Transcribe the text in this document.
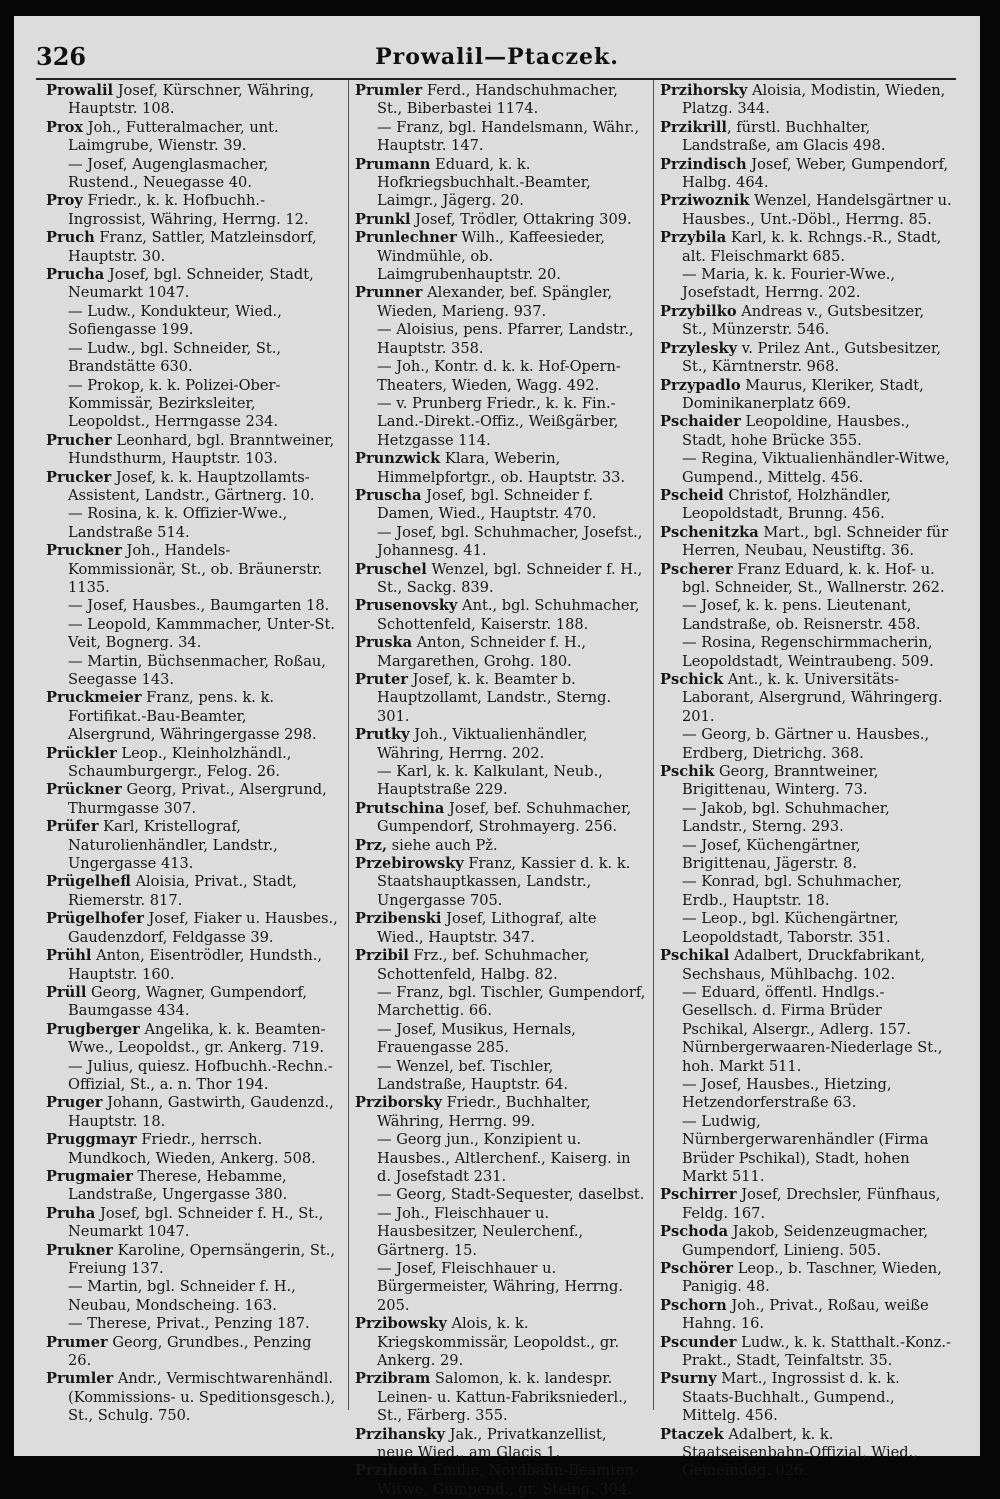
326	Prowalil—Ptaczek.
Prowalil Josef, Kürschner, Währing, Hauptstr. 108.
Prox Joh., Futteralmacher, unt. Laimgrube, Wienstr. 39.
— Josef, Augenglasmacher, Rustend., Neuegasse 40.
Proy Friedr., k. k. Hofbuchh.-Ingrossist, Währing, Herrng. 12.
Pruch Franz, Sattler, Matzleinsdorf, Hauptstr. 30.
Prucha Josef, bgl. Schneider, Stadt, Neumarkt 1047.
— Ludw., Kondukteur, Wied., Sofiengasse 199.
— Ludw., bgl. Schneider, St., Brandstätte 630.
— Prokop, k. k. Polizei-Ober-Kommissär, Bezirksleiter, Leopoldst., Herrngasse 234.
Prucher Leonhard, bgl. Branntweiner, Hundsthurm, Hauptstr. 103.
Prucker Josef, k. k. Hauptzollamts-Assistent, Landstr., Gärtnerg. 10.
— Rosina, k. k. Offizier-Wwe., Landstraße 514.
Pruckner Joh., Handels-Kommissionär, St., ob. Bräunerstr. 1135.
— Josef, Hausbes., Baumgarten 18.
— Leopold, Kammmacher, Unter-St. Veit, Bognerg. 34.
— Martin, Büchsenmacher, Roßau, Seegasse 143.
Pruckmeier Franz, pens. k. k. Fortifikat.-Bau-Beamter, Alsergrund, Währingergasse 298.
Prückler Leop., Kleinholzhändl., Schaumburgergr., Felog. 26.
Prückner Georg, Privat., Alsergrund, Thurmgasse 307.
Prüfer Karl, Kristellograf, Naturolienhändler, Landstr., Ungergasse 413.
Prügelhefl Aloisia, Privat., Stadt, Riemerstr. 817.
Prügelhofer Josef, Fiaker u. Hausbes., Gaudenzdorf, Feldgasse 39.
Prühl Anton, Eisentrödler, Hundsth., Hauptstr. 160.
Prüll Georg, Wagner, Gumpendorf, Baumgasse 434.
Prugberger Angelika, k. k. Beamten-Wwe., Leopoldst., gr. Ankerg. 719.
— Julius, quiesz. Hofbuchh.-Rechn.-Offizial, St., a. n. Thor 194.
Pruger Johann, Gastwirth, Gaudenzd., Hauptstr. 18.
Pruggmayr Friedr., herrsch. Mundkoch, Wieden, Ankerg. 508.
Prugmaier Therese, Hebamme, Landstraße, Ungergasse 380.
Pruha Josef, bgl. Schneider f. H., St., Neumarkt 1047.
Prukner Karoline, Opernsängerin, St., Freiung 137.
— Martin, bgl. Schneider f. H., Neubau, Mondscheing. 163.
— Therese, Privat., Penzing 187.
Prumer Georg, Grundbes., Penzing 26.
Prumler Andr., Vermischtwarenhändl. (Kommissions- u. Speditionsgesch.), St., Schulg. 750.
Prumler Ferd., Handschuhmacher, St., Biberbastei 1174.
— Franz, bgl. Handelsmann, Währ., Hauptstr. 147.
Prumann Eduard, k. k. Hofkriegsbuchhalt.-Beamter, Laimgr., Jägerg. 20.
Prunkl Josef, Trödler, Ottakring 309.
Prunlechner Wilh., Kaffeesieder, Windmühle, ob. Laimgrubenhauptstr. 20.
Prunner Alexander, bef. Spängler, Wieden, Marieng. 937.
— Aloisius, pens. Pfarrer, Landstr., Hauptstr. 358.
— Joh., Kontr. d. k. k. Hof-Opern-Theaters, Wieden, Wagg. 492.
— v. Prunberg Friedr., k. k. Fin.-Land.-Direkt.-Offiz., Weißgärber, Hetzgasse 114.
Prunzwick Klara, Weberin, Himmelpfortgr., ob. Hauptstr. 33.
Pruscha Josef, bgl. Schneider f. Damen, Wied., Hauptstr. 470.
— Josef, bgl. Schuhmacher, Josefst., Johannesg. 41.
Pruschel Wenzel, bgl. Schneider f. H., St., Sackg. 839.
Prusenovsky Ant., bgl. Schuhmacher, Schottenfeld, Kaiserstr. 188.
Pruska Anton, Schneider f. H., Margarethen, Grohg. 180.
Pruter Josef, k. k. Beamter b. Hauptzollamt, Landstr., Sterng. 301.
Prutky Joh., Viktualienhändler, Währing, Herrng. 202.
— Karl, k. k. Kalkulant, Neub., Hauptstraße 229.
Prutschina Josef, bef. Schuhmacher, Gumpendorf, Strohmayerg. 256.
Prz, siehe auch Pž.
Przebirowsky Franz, Kassier d. k. k. Staatshauptkassen, Landstr., Ungergasse 705.
Przibenski Josef, Lithograf, alte Wied., Hauptstr. 347.
Przibil Frz., bef. Schuhmacher, Schottenfeld, Halbg. 82.
— Franz, bgl. Tischler, Gumpendorf, Marchettig. 66.
— Josef, Musikus, Hernals, Frauengasse 285.
— Wenzel, bef. Tischler, Landstraße, Hauptstr. 64.
Prziborsky Friedr., Buchhalter, Währing, Herrng. 99.
— Georg jun., Konzipient u. Hausbes., Altlerchenf., Kaiserg. in d. Josefstadt 231.
— Georg, Stadt-Sequester, daselbst.
— Joh., Fleischhauer u. Hausbesitzer, Neulerchenf., Gärtnerg. 15.
— Josef, Fleischhauer u. Bürgermeister, Währing, Herrng. 205.
Przibowsky Alois, k. k. Kriegskommissär, Leopoldst., gr. Ankerg. 29.
Przibram Salomon, k. k. landespr. Leinen- u. Kattun-Fabriksniederl., St., Färberg. 355.
Przihansky Jak., Privatkanzellist, neue Wied., am Glacis 1.
Przihoda Emilie, Nordbahn-Beamten-Witwe, Gumpend., gr. Steing. 304.
Przihorsky Aloisia, Modistin, Wieden, Platzg. 344.
Przikrill, fürstl. Buchhalter, Landstraße, am Glacis 498.
Przindisch Josef, Weber, Gumpendorf, Halbg. 464.
Prziwoznik Wenzel, Handelsgärtner u. Hausbes., Unt.-Döbl., Herrng. 85.
Przybila Karl, k. k. Rchngs.-R., Stadt, alt. Fleischmarkt 685.
— Maria, k. k. Fourier-Wwe., Josefstadt, Herrng. 202.
Przybilko Andreas v., Gutsbesitzer, St., Münzerstr. 546.
Przylesky v. Prilez Ant., Gutsbesitzer, St., Kärntnerstr. 968.
Przypadlo Maurus, Kleriker, Stadt, Dominikanerplatz 669.
Pschaider Leopoldine, Hausbes., Stadt, hohe Brücke 355.
— Regina, Viktualienhändler-Witwe, Gumpend., Mittelg. 456.
Pscheid Christof, Holzhändler, Leopoldstadt, Brunng. 456.
Pschenitzka Mart., bgl. Schneider für Herren, Neubau, Neustiftg. 36.
Pscherer Franz Eduard, k. k. Hof- u. bgl. Schneider, St., Wallnerstr. 262.
— Josef, k. k. pens. Lieutenant, Landstraße, ob. Reisnerstr. 458.
— Rosina, Regenschirmmacherin, Leopoldstadt, Weintraubeng. 509.
Pschick Ant., k. k. Universitäts-Laborant, Alsergrund, Währingerg. 201.
— Georg, b. Gärtner u. Hausbes., Erdberg, Dietrichg. 368.
Pschik Georg, Branntweiner, Brigittenau, Winterg. 73.
— Jakob, bgl. Schuhmacher, Landstr., Sterng. 293.
— Josef, Küchengärtner, Brigittenau, Jägerstr. 8.
— Konrad, bgl. Schuhmacher, Erdb., Hauptstr. 18.
— Leop., bgl. Küchengärtner, Leopoldstadt, Taborstr. 351.
Pschikal Adalbert, Druckfabrikant, Sechshaus, Mühlbachg. 102.
— Eduard, öffentl. Hndlgs.-Gesellsch. d. Firma Brüder Pschikal, Alsergr., Adlerg. 157. Nürnbergerwaaren-Niederlage St., hoh. Markt 511.
— Josef, Hausbes., Hietzing, Hetzendorferstraße 63.
— Ludwig, Nürnbergerwarenhändler (Firma Brüder Pschikal), Stadt, hohen Markt 511.
Pschirrer Josef, Drechsler, Fünfhaus, Feldg. 167.
Pschoda Jakob, Seidenzeugmacher, Gumpendorf, Linieng. 505.
Pschörer Leop., b. Taschner, Wieden, Panigig. 48.
Pschorn Joh., Privat., Roßau, weiße Hahng. 16.
Pscunder Ludw., k. k. Statthalt.-Konz.-Prakt., Stadt, Teinfaltstr. 35.
Psurny Mart., Ingrossist d. k. k. Staats-Buchhalt., Gumpend., Mittelg. 456.
Ptaczek Adalbert, k. k. Staatseisenbahn-Offizial, Wied., Gemeindeg. 026.
